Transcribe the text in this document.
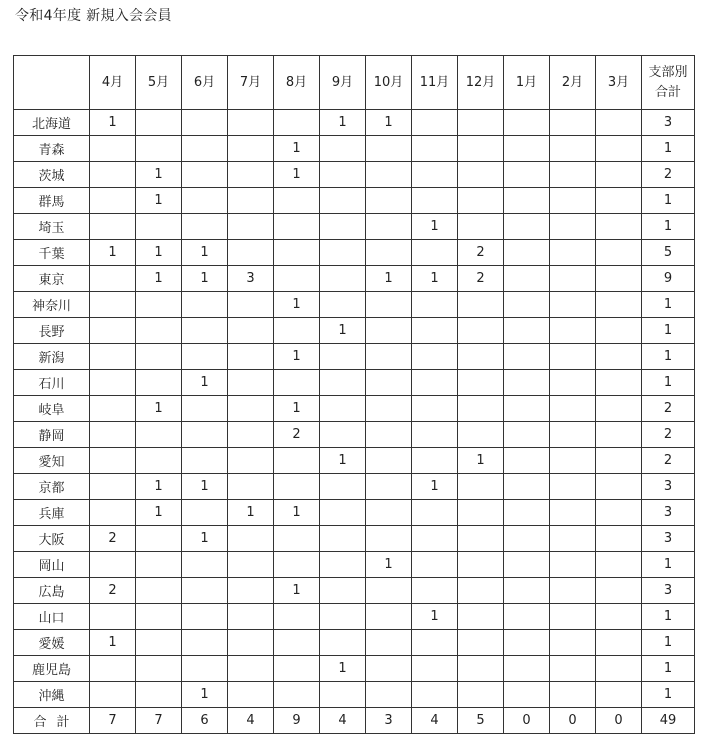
令和4年度 新規入会会員
	4月	5月	6月	7月	8月	9月	10月	11月	12月	1月	2月	3月	支部別
合計

北海道	1					1	1						3
青森					1								1
茨城		1			1								2
群馬		1											1
埼玉								1					1
千葉	1	1	1						2				5
東京		1	1	3			1	1	2				9
神奈川					1								1
長野						1							1
新潟					1								1
石川			1										1
岐阜		1			1								2
静岡					2								2
愛知						1			1				2
京都		1	1					1					3
兵庫		1		1	1								3
大阪	2		1										3
岡山							1						1
広島	2				1								3
山口								1					1
愛媛	1												1
鹿児島						1							1
沖縄			1										1
合計	7	7	6	4	9	4	3	4	5	0	0	0	49
